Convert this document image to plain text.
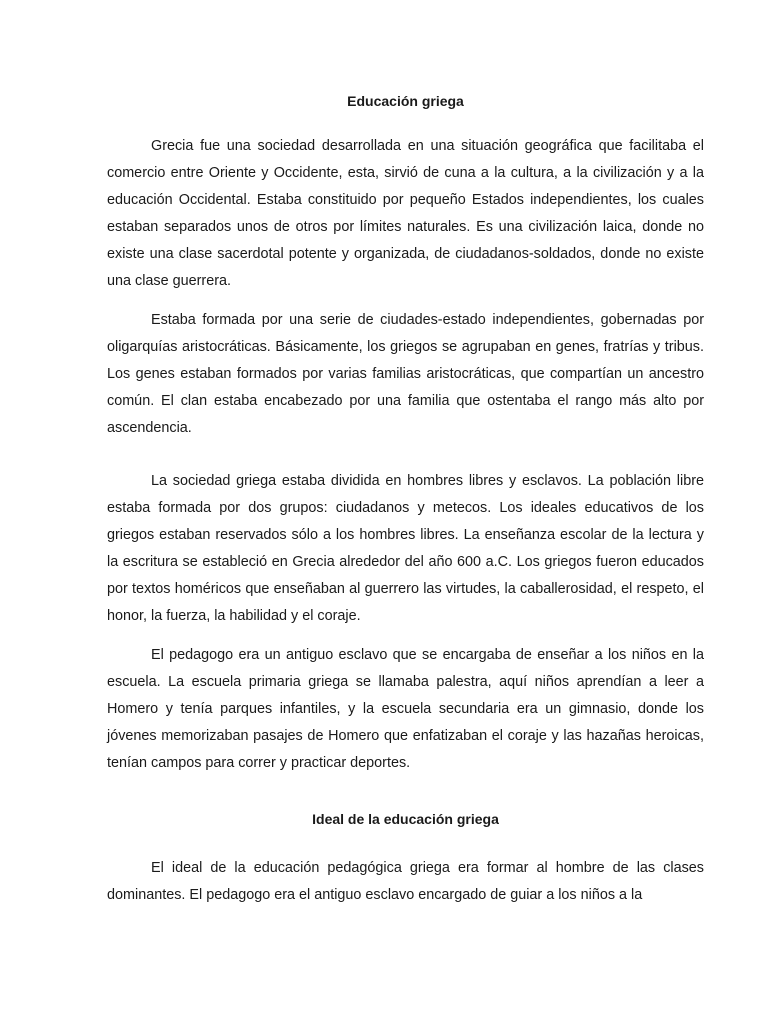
Educación griega

Grecia fue una sociedad desarrollada en una situación geográfica que facilitaba el comercio entre Oriente y Occidente, esta, sirvió de cuna a la cultura, a la civilización y a la educación Occidental. Estaba constituido por pequeño Estados independientes, los cuales estaban separados unos de otros por límites naturales. Es una civilización laica, donde no existe una clase sacerdotal potente y organizada, de ciudadanos-soldados, donde no existe una clase guerrera.

Estaba formada por una serie de ciudades-estado independientes, gobernadas por oligarquías aristocráticas. Básicamente, los griegos se agrupaban en genes, fratrías y tribus. Los genes estaban formados por varias familias aristocráticas, que compartían un ancestro común. El clan estaba encabezado por una familia que ostentaba el rango más alto por ascendencia.

La sociedad griega estaba dividida en hombres libres y esclavos. La población libre estaba formada por dos grupos: ciudadanos y metecos. Los ideales educativos de los griegos estaban reservados sólo a los hombres libres. La enseñanza escolar de la lectura y la escritura se estableció en Grecia alrededor del año 600 a.C. Los griegos fueron educados por textos homéricos que enseñaban al guerrero las virtudes, la caballerosidad, el respeto, el honor, la fuerza, la habilidad y el coraje.

El pedagogo era un antiguo esclavo que se encargaba de enseñar a los niños en la escuela. La escuela primaria griega se llamaba palestra, aquí niños aprendían a leer a Homero y tenía parques infantiles, y la escuela secundaria era un gimnasio, donde los jóvenes memorizaban pasajes de Homero que enfatizaban el coraje y las hazañas heroicas, tenían campos para correr y practicar deportes.

Ideal de la educación griega

El ideal de la educación pedagógica griega era formar al hombre de las clases dominantes. El pedagogo era el antiguo esclavo encargado de guiar a los niños a la
